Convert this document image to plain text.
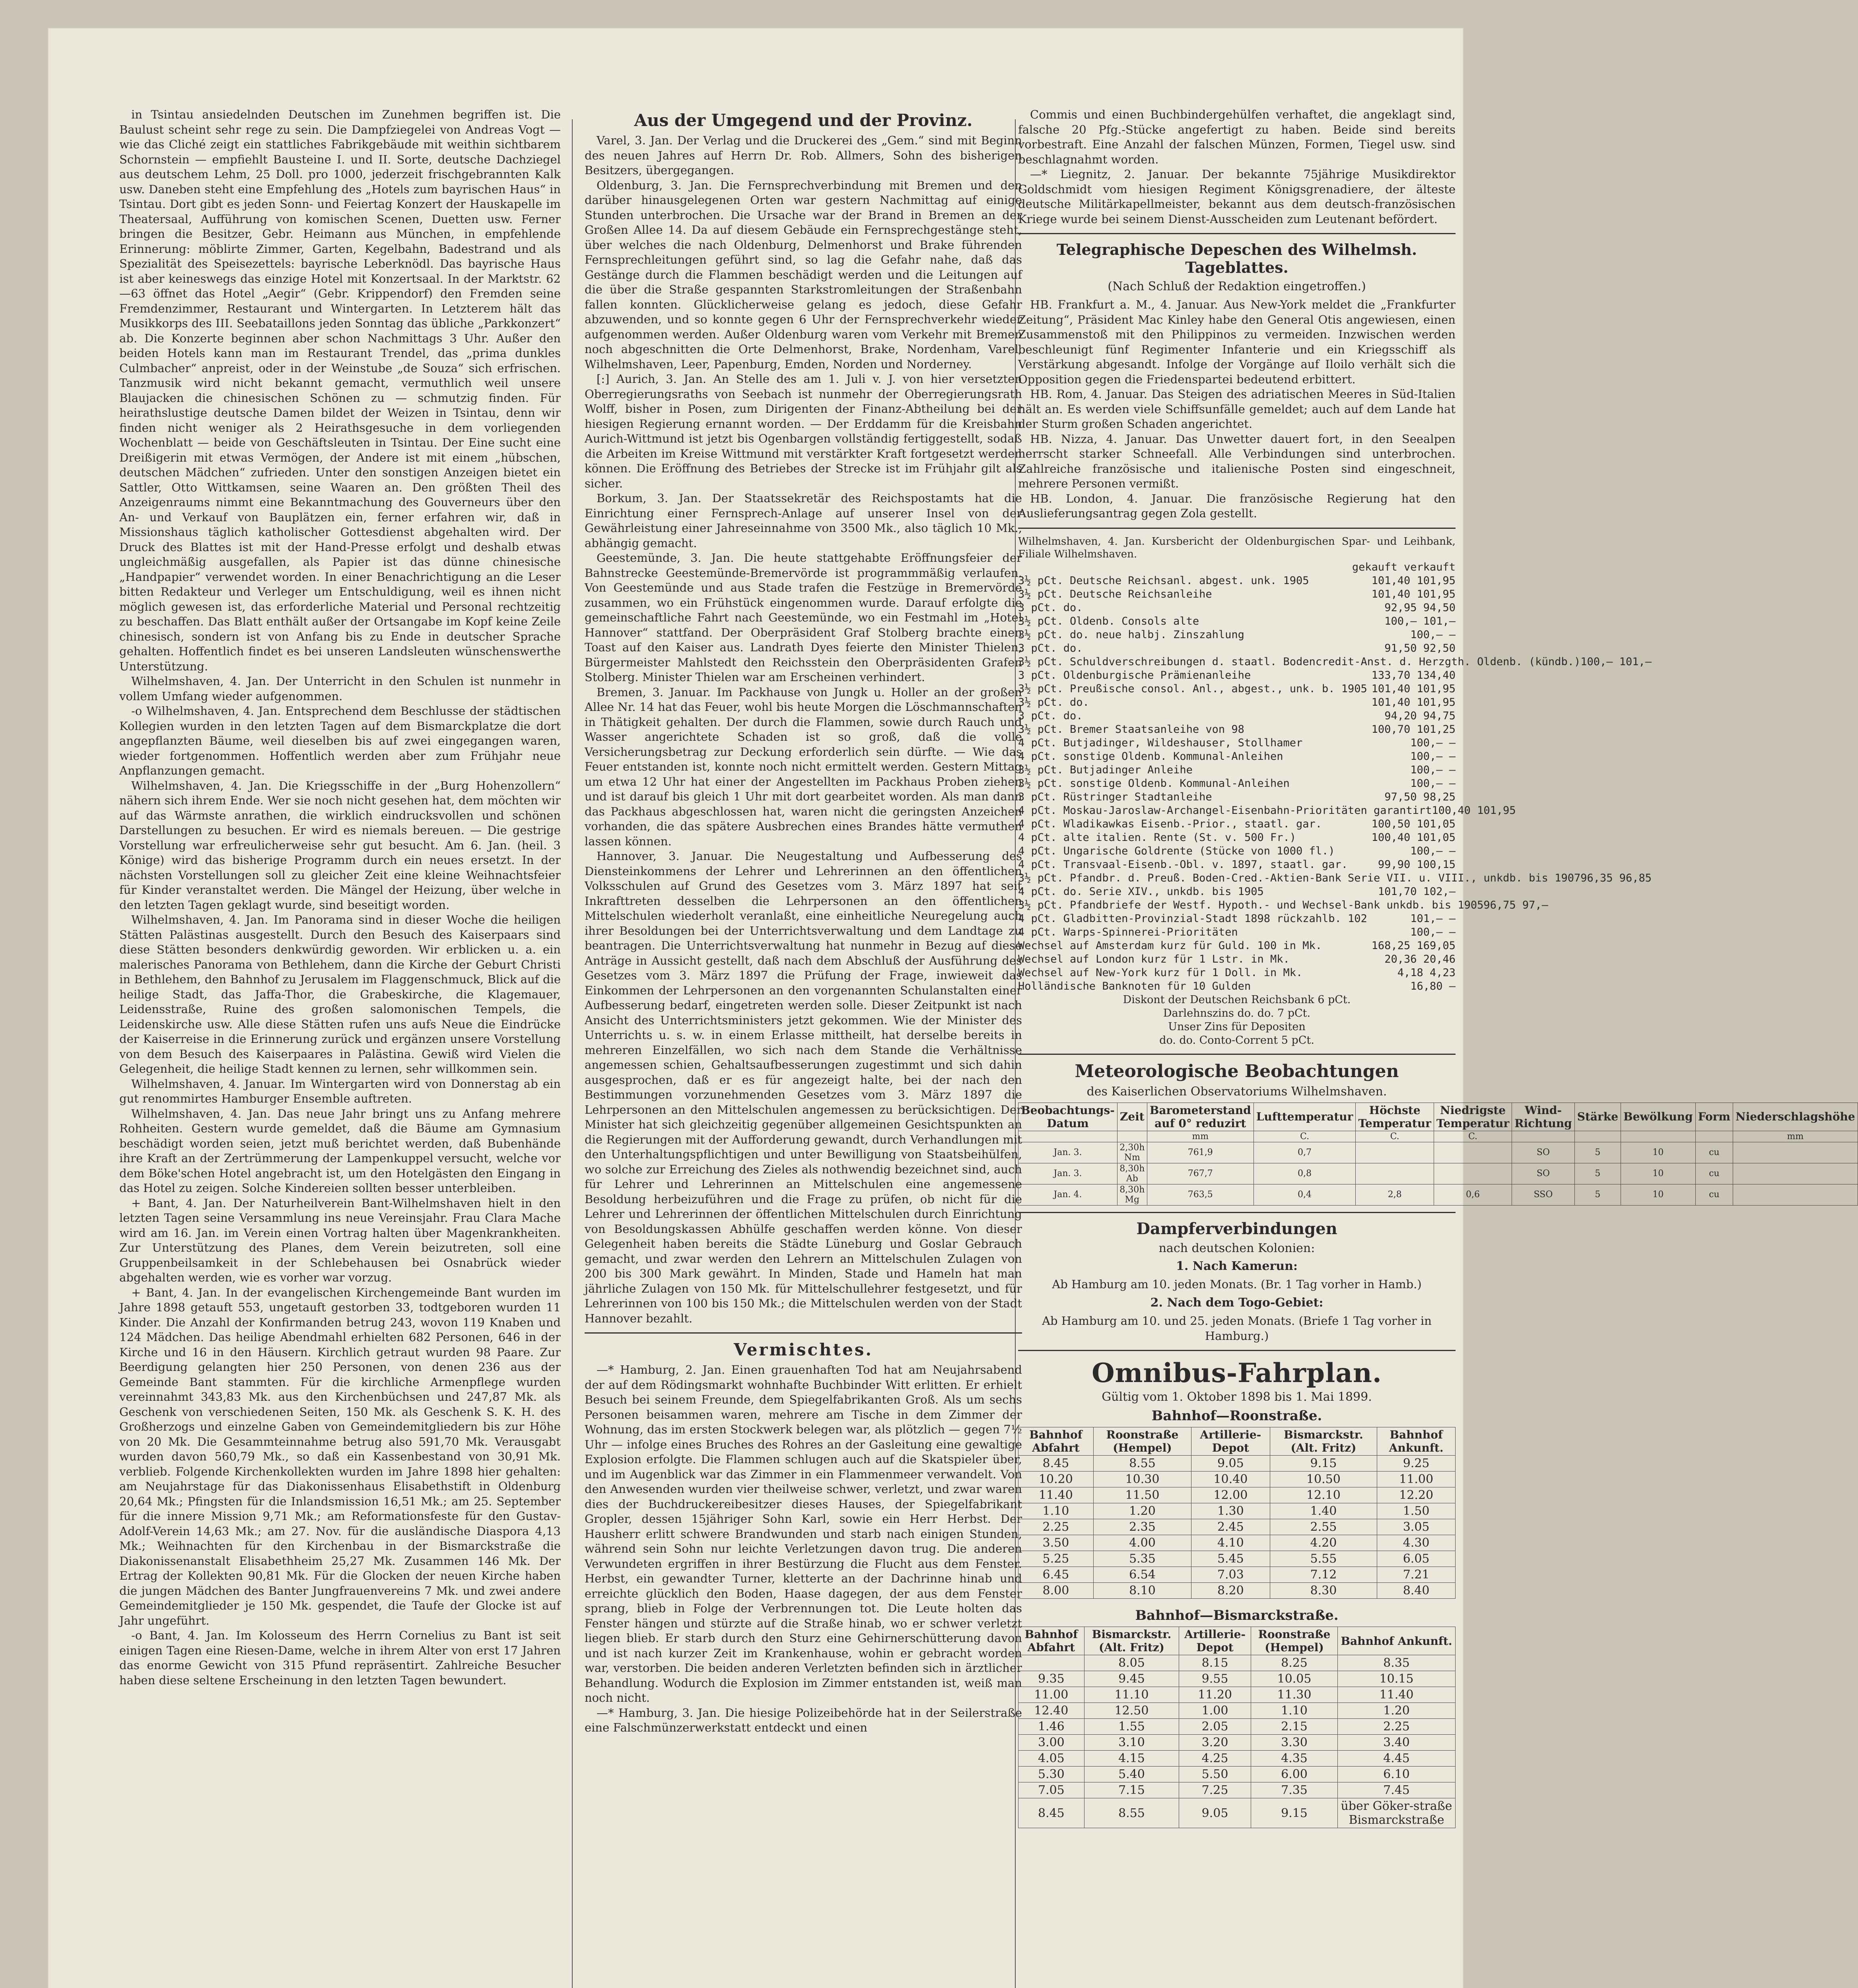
in Tsintau ansiedelnden Deutschen im Zunehmen begriffen ist. Die Baulust scheint sehr rege zu sein. Die Dampfziegelei von Andreas Vogt — wie das Cliché zeigt ein stattliches Fabrikgebäude mit weithin sichtbarem Schornstein — empfiehlt Bausteine I. und II. Sorte, deutsche Dachziegel aus deutschem Lehm, 25 Doll. pro 1000, jederzeit frischgebrannten Kalk usw. Daneben steht eine Empfehlung des „Hotels zum bayrischen Haus“ in Tsintau. Dort gibt es jeden Sonn- und Feiertag Konzert der Hauskapelle im Theatersaal, Aufführung von komischen Scenen, Duetten usw. Ferner bringen die Besitzer, Gebr. Heimann aus München, in empfehlende Erinnerung: möblirte Zimmer, Garten, Kegelbahn, Badestrand und als Spezialität des Speisezettels: bayrische Leberknödl. Das bayrische Haus ist aber keineswegs das einzige Hotel mit Konzertsaal. In der Marktstr. 62—63 öffnet das Hotel „Aegir“ (Gebr. Krippendorf) den Fremden seine Fremdenzimmer, Restaurant und Wintergarten. In Letzterem hält das Musikkorps des III. Seebataillons jeden Sonntag das übliche „Parkkonzert“ ab. Die Konzerte beginnen aber schon Nachmittags 3 Uhr. Außer den beiden Hotels kann man im Restaurant Trendel, das „prima dunkles Culmbacher“ anpreist, oder in der Weinstube „de Souza“ sich erfrischen. Tanzmusik wird nicht bekannt gemacht, vermuthlich weil unsere Blaujacken die chinesischen Schönen zu — schmutzig finden. Für heirathslustige deutsche Damen bildet der Weizen in Tsintau, denn wir finden nicht weniger als 2 Heirathsgesuche in dem vorliegenden Wochenblatt — beide von Geschäftsleuten in Tsintau. Der Eine sucht eine Dreißigerin mit etwas Vermögen, der Andere ist mit einem „hübschen, deutschen Mädchen“ zufrieden. Unter den sonstigen Anzeigen bietet ein Sattler, Otto Wittkamsen, seine Waaren an. Den größten Theil des Anzeigenraums nimmt eine Bekanntmachung des Gouverneurs über den An- und Verkauf von Bauplätzen ein, ferner erfahren wir, daß in Missionshaus täglich katholischer Gottesdienst abgehalten wird. Der Druck des Blattes ist mit der Hand-Presse erfolgt und deshalb etwas ungleichmäßig ausgefallen, als Papier ist das dünne chinesische „Handpapier“ verwendet worden. In einer Benachrichtigung an die Leser bitten Redakteur und Verleger um Entschuldigung, weil es ihnen nicht möglich gewesen ist, das erforderliche Material und Personal rechtzeitig zu beschaffen. Das Blatt enthält außer der Ortsangabe im Kopf keine Zeile chinesisch, sondern ist von Anfang bis zu Ende in deutscher Sprache gehalten. Hoffentlich findet es bei unseren Landsleuten wünschenswerthe Unterstützung.

Wilhelmshaven, 4. Jan. Der Unterricht in den Schulen ist nunmehr in vollem Umfang wieder aufgenommen.

-o Wilhelmshaven, 4. Jan. Entsprechend dem Beschlusse der städtischen Kollegien wurden in den letzten Tagen auf dem Bismarckplatze die dort angepflanzten Bäume, weil dieselben bis auf zwei eingegangen waren, wieder fortgenommen. Hoffentlich werden aber zum Frühjahr neue Anpflanzungen gemacht.

Wilhelmshaven, 4. Jan. Die Kriegsschiffe in der „Burg Hohenzollern“ nähern sich ihrem Ende. Wer sie noch nicht gesehen hat, dem möchten wir auf das Wärmste anrathen, die wirklich eindrucksvollen und schönen Darstellungen zu besuchen. Er wird es niemals bereuen. — Die gestrige Vorstellung war erfreulicherweise sehr gut besucht. Am 6. Jan. (heil. 3 Könige) wird das bisherige Programm durch ein neues ersetzt. In der nächsten Vorstellungen soll zu gleicher Zeit eine kleine Weihnachtsfeier für Kinder veranstaltet werden. Die Mängel der Heizung, über welche in den letzten Tagen geklagt wurde, sind beseitigt worden.

Wilhelmshaven, 4. Jan. Im Panorama sind in dieser Woche die heiligen Stätten Palästinas ausgestellt. Durch den Besuch des Kaiserpaars sind diese Stätten besonders denkwürdig geworden. Wir erblicken u. a. ein malerisches Panorama von Bethlehem, dann die Kirche der Geburt Christi in Bethlehem, den Bahnhof zu Jerusalem im Flaggenschmuck, Blick auf die heilige Stadt, das Jaffa-Thor, die Grabeskirche, die Klagemauer, Leidensstraße, Ruine des großen salomonischen Tempels, die Leidenskirche usw. Alle diese Stätten rufen uns aufs Neue die Eindrücke der Kaiserreise in die Erinnerung zurück und ergänzen unsere Vorstellung von dem Besuch des Kaiserpaares in Palästina. Gewiß wird Vielen die Gelegenheit, die heilige Stadt kennen zu lernen, sehr willkommen sein.

Wilhelmshaven, 4. Januar. Im Wintergarten wird von Donnerstag ab ein gut renommirtes Hamburger Ensemble auftreten.

Wilhelmshaven, 4. Jan. Das neue Jahr bringt uns zu Anfang mehrere Rohheiten. Gestern wurde gemeldet, daß die Bäume am Gymnasium beschädigt worden seien, jetzt muß berichtet werden, daß Bubenhände ihre Kraft an der Zertrümmerung der Lampenkuppel versucht, welche vor dem Böke'schen Hotel angebracht ist, um den Hotelgästen den Eingang in das Hotel zu zeigen. Solche Kindereien sollten besser unterbleiben.

+ Bant, 4. Jan. Der Naturheilverein Bant-Wilhelmshaven hielt in den letzten Tagen seine Versammlung ins neue Vereinsjahr. Frau Clara Mache wird am 16. Jan. im Verein einen Vortrag halten über Magenkrankheiten. Zur Unterstützung des Planes, dem Verein beizutreten, soll eine Gruppenbeilsamkeit in der Schlebehausen bei Osnabrück wieder abgehalten werden, wie es vorher war vorzug.

+ Bant, 4. Jan. In der evangelischen Kirchengemeinde Bant wurden im Jahre 1898 getauft 553, ungetauft gestorben 33, todtgeboren wurden 11 Kinder. Die Anzahl der Konfirmanden betrug 243, wovon 119 Knaben und 124 Mädchen. Das heilige Abendmahl erhielten 682 Personen, 646 in der Kirche und 16 in den Häusern. Kirchlich getraut wurden 98 Paare. Zur Beerdigung gelangten hier 250 Personen, von denen 236 aus der Gemeinde Bant stammten. Für die kirchliche Armenpflege wurden vereinnahmt 343,83 Mk. aus den Kirchenbüchsen und 247,87 Mk. als Geschenk von verschiedenen Seiten, 150 Mk. als Geschenk S. K. H. des Großherzogs und einzelne Gaben von Gemeindemitgliedern bis zur Höhe von 20 Mk. Die Gesammteinnahme betrug also 591,70 Mk. Verausgabt wurden davon 560,79 Mk., so daß ein Kassenbestand von 30,91 Mk. verblieb. Folgende Kirchenkollekten wurden im Jahre 1898 hier gehalten: am Neujahrstage für das Diakonissenhaus Elisabethstift in Oldenburg 20,64 Mk.; Pfingsten für die Inlandsmission 16,51 Mk.; am 25. September für die innere Mission 9,71 Mk.; am Reformationsfeste für den Gustav-Adolf-Verein 14,63 Mk.; am 27. Nov. für die ausländische Diaspora 4,13 Mk.; Weihnachten für den Kirchenbau in der Bismarckstraße die Diakonissenanstalt Elisabethheim 25,27 Mk. Zusammen 146 Mk. Der Ertrag der Kollekten 90,81 Mk. Für die Glocken der neuen Kirche haben die jungen Mädchen des Banter Jungfrauenvereins 7 Mk. und zwei andere Gemeindemitglieder je 150 Mk. gespendet, die Taufe der Glocke ist auf Jahr ungeführt.

-o Bant, 4. Jan. Im Kolosseum des Herrn Cornelius zu Bant ist seit einigen Tagen eine Riesen-Dame, welche in ihrem Alter von erst 17 Jahren das enorme Gewicht von 315 Pfund repräsentirt. Zahlreiche Besucher haben diese seltene Erscheinung in den letzten Tagen bewundert.

Aus der Umgegend und der Provinz.

Varel, 3. Jan. Der Verlag und die Druckerei des „Gem.“ sind mit Beginn des neuen Jahres auf Herrn Dr. Rob. Allmers, Sohn des bisherigen Besitzers, übergegangen.

Oldenburg, 3. Jan. Die Fernsprechverbindung mit Bremen und den darüber hinausgelegenen Orten war gestern Nachmittag auf einige Stunden unterbrochen. Die Ursache war der Brand in Bremen an der Großen Allee 14. Da auf diesem Gebäude ein Fernsprechgestänge steht, über welches die nach Oldenburg, Delmenhorst und Brake führenden Fernsprechleitungen geführt sind, so lag die Gefahr nahe, daß das Gestänge durch die Flammen beschädigt werden und die Leitungen auf die über die Straße gespannten Starkstromleitungen der Straßenbahn fallen konnten. Glücklicherweise gelang es jedoch, diese Gefahr abzuwenden, und so konnte gegen 6 Uhr der Fernsprechverkehr wieder aufgenommen werden. Außer Oldenburg waren vom Verkehr mit Bremen noch abgeschnitten die Orte Delmenhorst, Brake, Nordenham, Varel, Wilhelmshaven, Leer, Papenburg, Emden, Norden und Norderney.

[:] Aurich, 3. Jan. An Stelle des am 1. Juli v. J. von hier versetzten Oberregierungsraths von Seebach ist nunmehr der Oberregierungsrath Wolff, bisher in Posen, zum Dirigenten der Finanz-Abtheilung bei der hiesigen Regierung ernannt worden. — Der Erddamm für die Kreisbahn Aurich-Wittmund ist jetzt bis Ogenbargen vollständig fertiggestellt, sodaß die Arbeiten im Kreise Wittmund mit verstärkter Kraft fortgesetzt werden können. Die Eröffnung des Betriebes der Strecke ist im Frühjahr gilt als sicher.

Borkum, 3. Jan. Der Staatssekretär des Reichspostamts hat die Einrichtung einer Fernsprech-Anlage auf unserer Insel von der Gewährleistung einer Jahreseinnahme von 3500 Mk., also täglich 10 Mk., abhängig gemacht.

Geestemünde, 3. Jan. Die heute stattgehabte Eröffnungsfeier der Bahnstrecke Geestemünde-Bremervörde ist programmmäßig verlaufen. Von Geestemünde und aus Stade trafen die Festzüge in Bremervörde zusammen, wo ein Frühstück eingenommen wurde. Darauf erfolgte die gemeinschaftliche Fahrt nach Geestemünde, wo ein Festmahl im „Hotel Hannover“ stattfand. Der Oberpräsident Graf Stolberg brachte einen Toast auf den Kaiser aus. Landrath Dyes feierte den Minister Thielen, Bürgermeister Mahlstedt den Reichsstein den Oberpräsidenten Grafen Stolberg. Minister Thielen war am Erscheinen verhindert.

Bremen, 3. Januar. Im Packhause von Jungk u. Holler an der großen Allee Nr. 14 hat das Feuer, wohl bis heute Morgen die Löschmannschaften in Thätigkeit gehalten. Der durch die Flammen, sowie durch Rauch und Wasser angerichtete Schaden ist so groß, daß die volle Versicherungsbetrag zur Deckung erforderlich sein dürfte. — Wie das Feuer entstanden ist, konnte noch nicht ermittelt werden. Gestern Mittag um etwa 12 Uhr hat einer der Angestellten im Packhaus Proben ziehen und ist darauf bis gleich 1 Uhr mit dort gearbeitet worden. Als man dann das Packhaus abgeschlossen hat, waren nicht die geringsten Anzeichen vorhanden, die das spätere Ausbrechen eines Brandes hätte vermuthen lassen können.

Hannover, 3. Januar. Die Neugestaltung und Aufbesserung des Diensteinkommens der Lehrer und Lehrerinnen an den öffentlichen Volksschulen auf Grund des Gesetzes vom 3. März 1897 hat seit Inkrafttreten desselben die Lehrpersonen an den öffentlichen Mittelschulen wiederholt veranlaßt, eine einheitliche Neuregelung auch ihrer Besoldungen bei der Unterrichtsverwaltung und dem Landtage zu beantragen. Die Unterrichtsverwaltung hat nunmehr in Bezug auf diese Anträge in Aussicht gestellt, daß nach dem Abschluß der Ausführung des Gesetzes vom 3. März 1897 die Prüfung der Frage, inwieweit das Einkommen der Lehrpersonen an den vorgenannten Schulanstalten einer Aufbesserung bedarf, eingetreten werden solle. Dieser Zeitpunkt ist nach Ansicht des Unterrichtsministers jetzt gekommen. Wie der Minister des Unterrichts u. s. w. in einem Erlasse mittheilt, hat derselbe bereits in mehreren Einzelfällen, wo sich nach dem Stande die Verhältnisse angemessen schien, Gehaltsaufbesserungen zugestimmt und sich dahin ausgesprochen, daß er es für angezeigt halte, bei der nach den Bestimmungen vorzunehmenden Gesetzes vom 3. März 1897 die Lehrpersonen an den Mittelschulen angemessen zu berücksichtigen. Der Minister hat sich gleichzeitig gegenüber allgemeinen Gesichtspunkten an die Regierungen mit der Aufforderung gewandt, durch Verhandlungen mit den Unterhaltungspflichtigen und unter Bewilligung von Staatsbeihülfen, wo solche zur Erreichung des Zieles als nothwendig bezeichnet sind, auch für Lehrer und Lehrerinnen an Mittelschulen eine angemessene Besoldung herbeizuführen und die Frage zu prüfen, ob nicht für die Lehrer und Lehrerinnen der öffentlichen Mittelschulen durch Einrichtung von Besoldungskassen Abhülfe geschaffen werden könne. Von dieser Gelegenheit haben bereits die Städte Lüneburg und Goslar Gebrauch gemacht, und zwar werden den Lehrern an Mittelschulen Zulagen von 200 bis 300 Mark gewährt. In Minden, Stade und Hameln hat man jährliche Zulagen von 150 Mk. für Mittelschullehrer festgesetzt, und für Lehrerinnen von 100 bis 150 Mk.; die Mittelschulen werden von der Stadt Hannover bezahlt.

Vermischtes.

—* Hamburg, 2. Jan. Einen grauenhaften Tod hat am Neujahrsabend der auf dem Rödingsmarkt wohnhafte Buchbinder Witt erlitten. Er erhielt Besuch bei seinem Freunde, dem Spiegelfabrikanten Groß. Als um sechs Personen beisammen waren, mehrere am Tische in dem Zimmer der Wohnung, das im ersten Stockwerk belegen war, als plötzlich — gegen 7½ Uhr — infolge eines Bruches des Rohres an der Gasleitung eine gewaltige Explosion erfolgte. Die Flammen schlugen auch auf die Skatspieler über, und im Augenblick war das Zimmer in ein Flammenmeer verwandelt. Von den Anwesenden wurden vier theilweise schwer, verletzt, und zwar waren dies der Buchdruckereibesitzer dieses Hauses, der Spiegelfabrikant Gropler, dessen 15jähriger Sohn Karl, sowie ein Herr Herbst. Der Hausherr erlitt schwere Brandwunden und starb nach einigen Stunden, während sein Sohn nur leichte Verletzungen davon trug. Die anderen Verwundeten ergriffen in ihrer Bestürzung die Flucht aus dem Fenster. Herbst, ein gewandter Turner, kletterte an der Dachrinne hinab und erreichte glücklich den Boden, Haase dagegen, der aus dem Fenster sprang, blieb in Folge der Verbrennungen tot. Die Leute holten das Fenster hängen und stürzte auf die Straße hinab, wo er schwer verletzt liegen blieb. Er starb durch den Sturz eine Gehirnerschütterung davon und ist nach kurzer Zeit im Krankenhause, wohin er gebracht worden war, verstorben. Die beiden anderen Verletzten befinden sich in ärztlicher Behandlung. Wodurch die Explosion im Zimmer entstanden ist, weiß man noch nicht.

—* Hamburg, 3. Jan. Die hiesige Polizeibehörde hat in der Seilerstraße eine Falschmünzerwerkstatt entdeckt und einen

Commis und einen Buchbindergehülfen verhaftet, die angeklagt sind, falsche 20 Pfg.-Stücke angefertigt zu haben. Beide sind bereits vorbestraft. Eine Anzahl der falschen Münzen, Formen, Tiegel usw. sind beschlagnahmt worden.

—* Liegnitz, 2. Januar. Der bekannte 75jährige Musikdirektor Goldschmidt vom hiesigen Regiment Königsgrenadiere, der älteste deutsche Militärkapellmeister, bekannt aus dem deutsch-französischen Kriege wurde bei seinem Dienst-Ausscheiden zum Leutenant befördert.

Telegraphische Depeschen des Wilhelmsh. Tageblattes.
(Nach Schluß der Redaktion eingetroffen.)

HB. Frankfurt a. M., 4. Januar. Aus New-York meldet die „Frankfurter Zeitung“, Präsident Mac Kinley habe den General Otis angewiesen, einen Zusammenstoß mit den Philippinos zu vermeiden. Inzwischen werden beschleunigt fünf Regimenter Infanterie und ein Kriegsschiff als Verstärkung abgesandt. Infolge der Vorgänge auf Iloilo verhält sich die Opposition gegen die Friedenspartei bedeutend erbittert.

HB. Rom, 4. Januar. Das Steigen des adriatischen Meeres in Süd-Italien hält an. Es werden viele Schiffsunfälle gemeldet; auch auf dem Lande hat der Sturm großen Schaden angerichtet.

HB. Nizza, 4. Januar. Das Unwetter dauert fort, in den Seealpen herrscht starker Schneefall. Alle Verbindungen sind unterbrochen. Zahlreiche französische und italienische Posten sind eingeschneit, mehrere Personen vermißt.

HB. London, 4. Januar. Die französische Regierung hat den Auslieferungsantrag gegen Zola gestellt.

Wilhelmshaven, 4. Jan. Kursbericht der Oldenburgischen Spar- und Leihbank, Filiale Wilhelmshaven.
gekauft verkauft
3½ pCt. Deutsche Reichsanl. abgest. unk. 1905	101,40 101,95
3½ pCt. Deutsche Reichsanleihe	101,40 101,95
3 pCt. do.	92,95 94,50
3½ pCt. Oldenb. Consols alte	100,— 101,—
3½ pCt. do. neue halbj. Zinszahlung	100,— —
3 pCt. do.	91,50 92,50
3½ pCt. Schuldverschreibungen d. staatl. Bodencredit-Anst. d. Herzgth. Oldenb. (kündb.) 100,— 101,—
3 pCt. Oldenburgische Prämienanleihe	133,70 134,40
3½ pCt. Preußische consol. Anl., abgest., unk. b. 1905 101,40 101,95
3½ pCt. do.	101,40 101,95
3 pCt. do.	94,20 94,75
3½ pCt. Bremer Staatsanleihe von 98	100,70 101,25
4 pCt. Butjadinger, Wildeshauser, Stollhamer	100,— —
4 pCt. sonstige Oldenb. Kommunal-Anleihen	100,— —
3½ pCt. Butjadinger Anleihe	100,— —
3½ pCt. sonstige Oldenb. Kommunal-Anleihen	100,— —
3 pCt. Rüstringer Stadtanleihe	97,50 98,25
4 pCt. Moskau-Jaroslaw-Archangel-Eisenbahn-Prioritäten garantirt 100,40 101,95
4 pCt. Wladikawkas Eisenb.-Prior., staatl. gar.	100,50 101,05
4 pCt. alte italien. Rente (St. v. 500 Fr.)	100,40 101,05
4 pCt. Ungarische Goldrente (Stücke von 1000 fl.)	100,— —
4 pCt. Transvaal-Eisenb.-Obl. v. 1897, staatl. gar.	99,90 100,15
3½ pCt. Pfandbr. d. Preuß. Boden-Cred.-Aktien-Bank Serie VII. u. VIII., unkdb. bis 1907 96,35 96,85
4 pCt. do. Serie XIV., unkdb. bis 1905	101,70 102,—
3½ pCt. Pfandbriefe der Westf. Hypoth.- und Wechsel-Bank unkdb. bis 1905 96,75 97,—
4 pCt. Gladbitten-Provinzial-Stadt 1898 rückzahlb. 102	101,— —
4 pCt. Warps-Spinnerei-Prioritäten	100,— —
Wechsel auf Amsterdam kurz für Guld. 100 in Mk.	168,25 169,05
Wechsel auf London kurz für 1 Lstr. in Mk.	20,36 20,46
Wechsel auf New-York kurz für 1 Doll. in Mk.	4,18 4,23
Holländische Banknoten für 10 Gulden	16,80 —
Diskont der Deutschen Reichsbank 6 pCt.
Darlehnszins do. do. 7 pCt.
Unser Zins für Depositen
do. do. Conto-Corrent 5 pCt.
Meteorologische Beobachtungen
des Kaiserlichen Observatoriums Wilhelmshaven.
Beobachtungs-Datum	Zeit	Barometerstand auf 0° reduzirt	Lufttemperatur	Höchste Temperatur	Niedrigste Temperatur	Wind-Richtung	Stärke	Bewölkung	Form	Niederschlagshöhe
		mm	C.	C.	C.					mm
Jan. 3.	2,30h Nm	761,9	0,7			SO	5	10	cu	
Jan. 3.	8,30h Ab	767,7	0,8			SO	5	10	cu	
Jan. 4.	8,30h Mg	763,5	0,4	2,8	0,6	SSO	5	10	cu	
Dampferverbindungen
nach deutschen Kolonien:
1. Nach Kamerun:
Ab Hamburg am 10. jeden Monats. (Br. 1 Tag vorher in Hamb.)
2. Nach dem Togo-Gebiet:
Ab Hamburg am 10. und 25. jeden Monats. (Briefe 1 Tag vorher in Hamburg.)
Omnibus-Fahrplan.
Gültig vom 1. Oktober 1898 bis 1. Mai 1899.
Bahnhof—Roonstraße.
Bahnhof Abfahrt	Roonstraße (Hempel)	Artillerie-Depot	Bismarckstr. (Alt. Fritz)	Bahnhof Ankunft.
8.45	8.55	9.05	9.15	9.25
10.20	10.30	10.40	10.50	11.00
11.40	11.50	12.00	12.10	12.20
1.10	1.20	1.30	1.40	1.50
2.25	2.35	2.45	2.55	3.05
3.50	4.00	4.10	4.20	4.30
5.25	5.35	5.45	5.55	6.05
6.45	6.54	7.03	7.12	7.21
8.00	8.10	8.20	8.30	8.40
Bahnhof—Bismarckstraße.
Bahnhof Abfahrt	Bismarckstr. (Alt. Fritz)	Artillerie-Depot	Roonstraße (Hempel)	Bahnhof Ankunft.
	8.05	8.15	8.25	8.35
9.35	9.45	9.55	10.05	10.15
11.00	11.10	11.20	11.30	11.40
12.40	12.50	1.00	1.10	1.20
1.46	1.55	2.05	2.15	2.25
3.00	3.10	3.20	3.30	3.40
4.05	4.15	4.25	4.35	4.45
5.30	5.40	5.50	6.00	6.10
7.05	7.15	7.25	7.35	7.45
8.45	8.55	9.05	9.15	über Göker-straße Bismarckstraße
